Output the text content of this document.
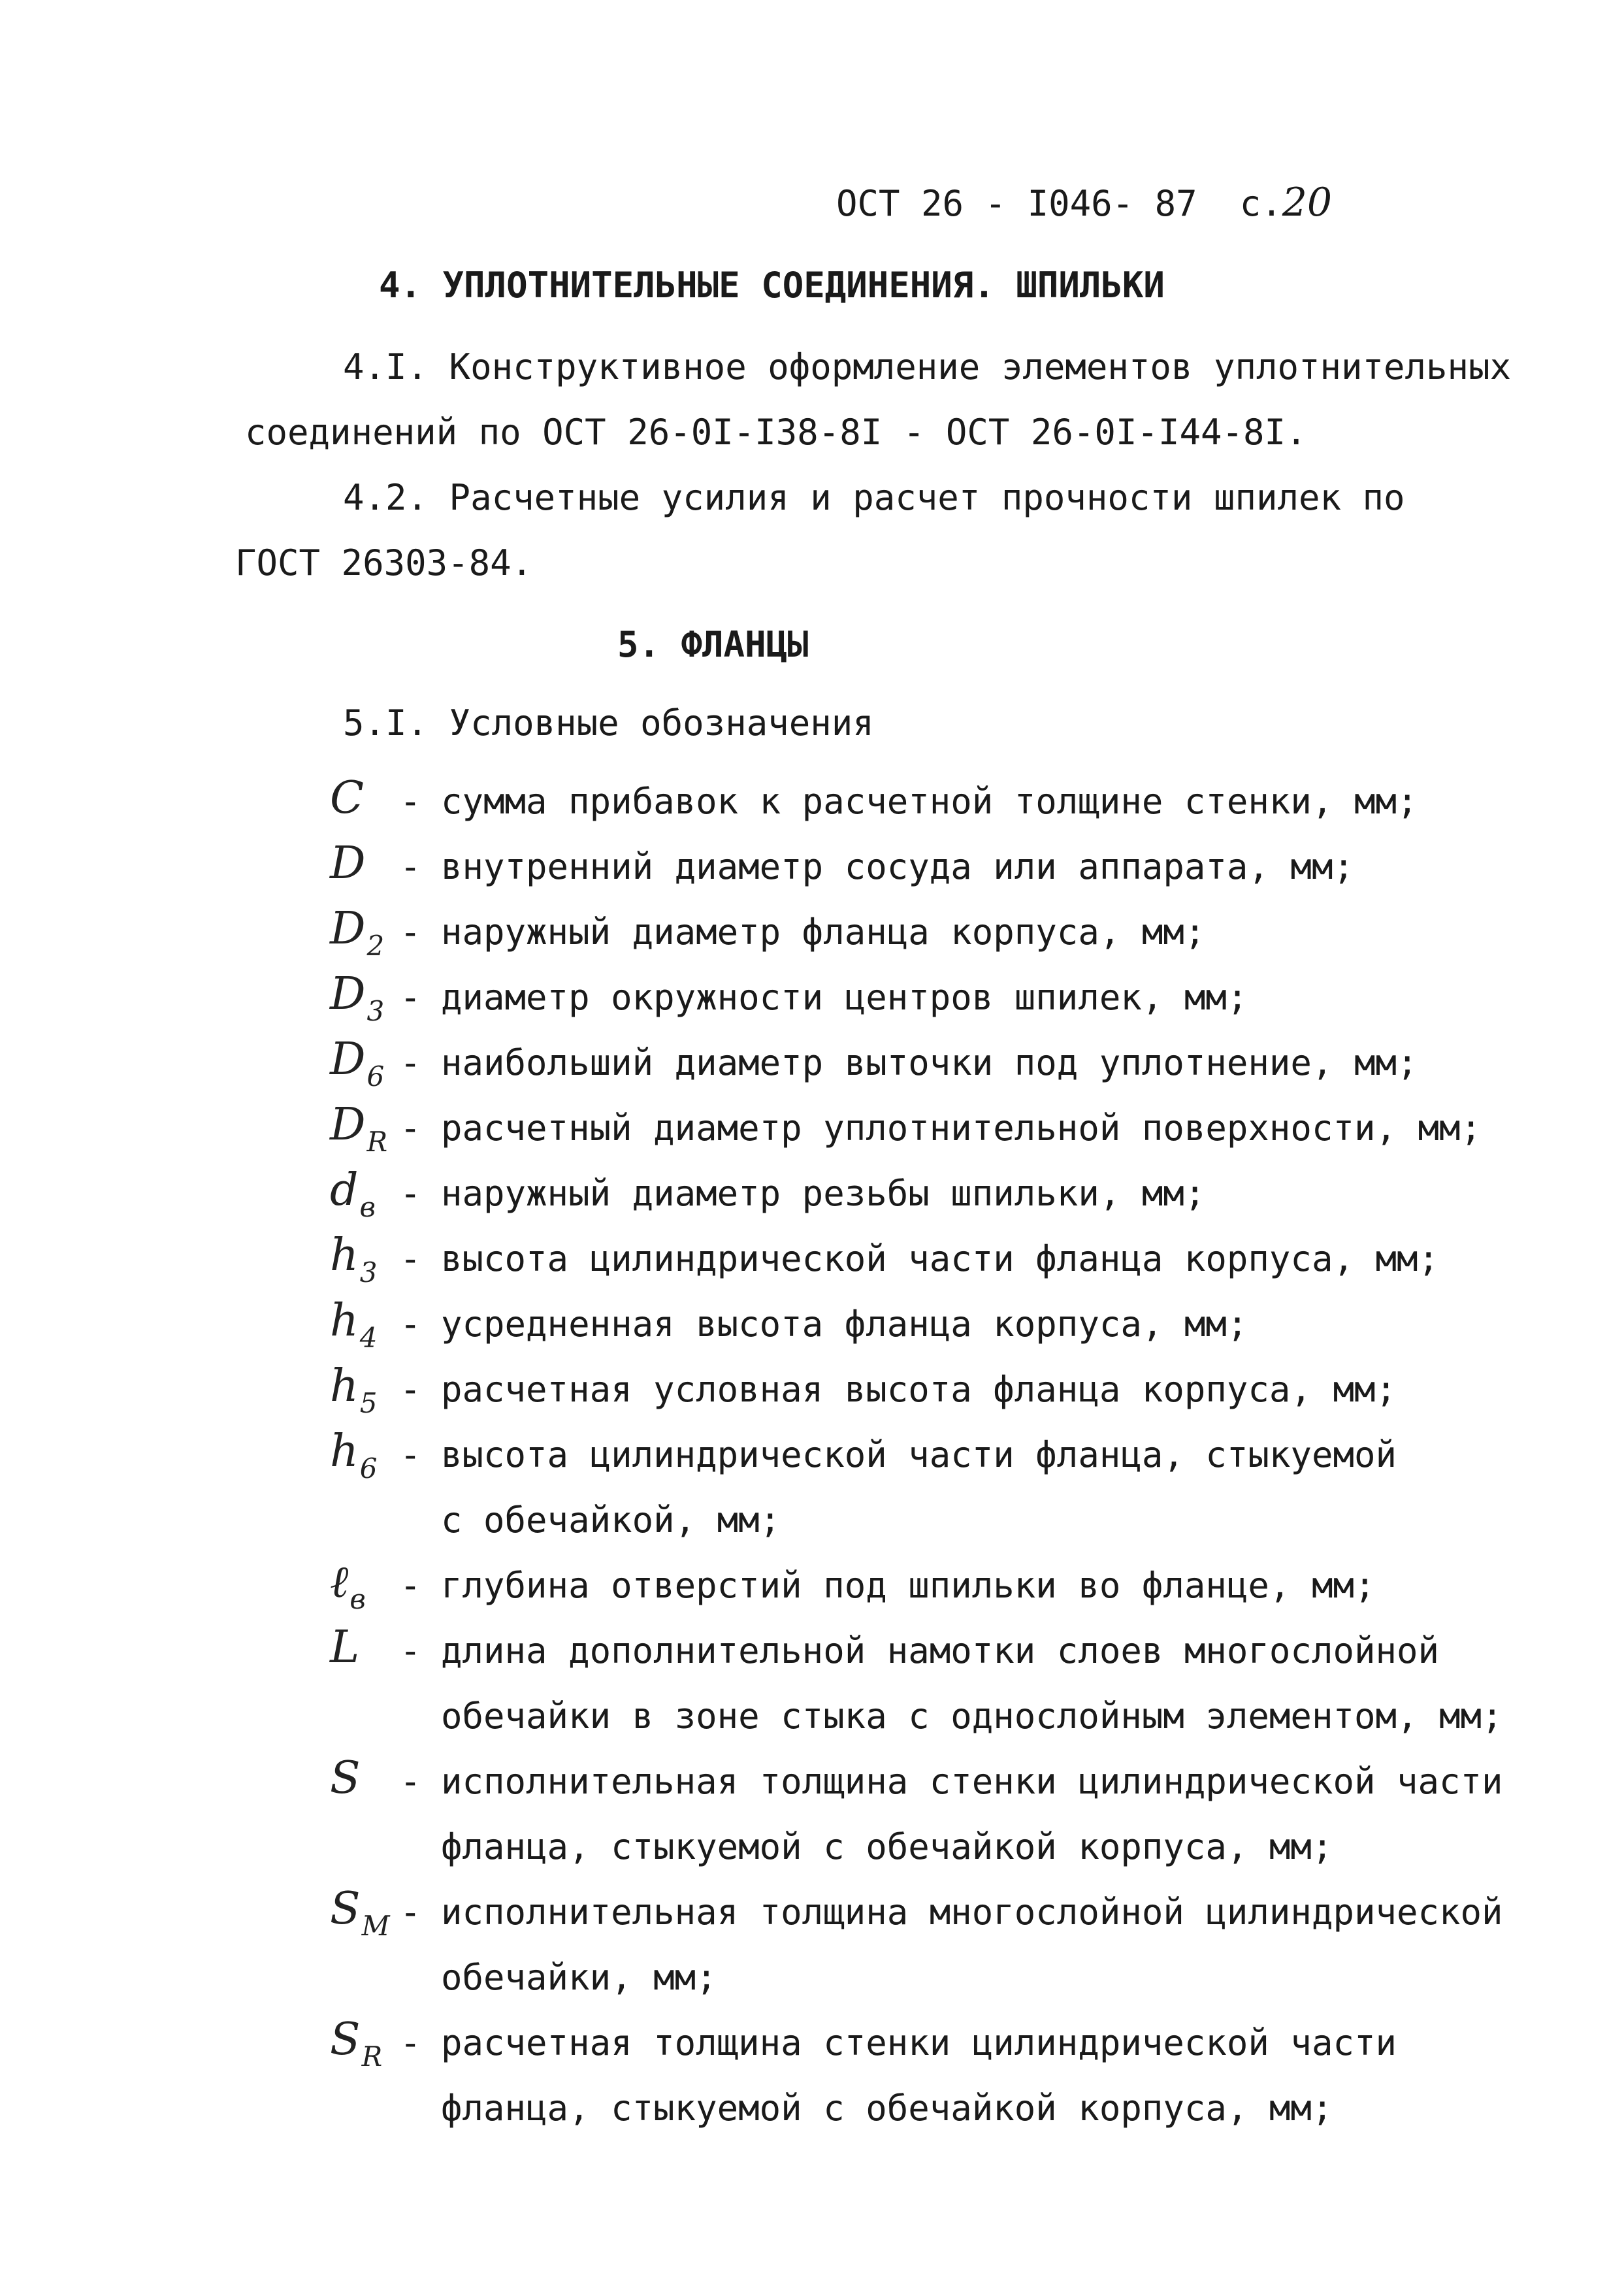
ОСТ 26 - I046- 87 с.20
4. УПЛОТНИТЕЛЬНЫЕ СОЕДИНЕНИЯ. ШПИЛЬКИ
4.I. Конструктивное оформление элементов уплотнительных
соединений по ОСТ 26-0I-I38-8I - ОСТ 26-0I-I44-8I.
4.2. Расчетные усилия и расчет прочности шпилек по
ГОСТ 26303-84.
5. ФЛАНЦЫ
5.I. Условные обозначения
C - сумма прибавок к расчетной толщине стенки, мм;
D - внутренний диаметр сосуда или аппарата, мм;
$D_2$ - наружный диаметр фланца корпуса, мм;
$D_3$ - диаметр окружности центров шпилек, мм;
$D_6$ - наибольший диаметр выточки под уплотнение, мм;
$D_R$ - расчетный диаметр уплотнительной поверхности, мм;
$d_в$ - наружный диаметр резьбы шпильки, мм;
$h_3$ - высота цилиндрической части фланца корпуса, мм;
$h_4$ - усредненная высота фланца корпуса, мм;
$h_5$ - расчетная условная высота фланца корпуса, мм;
$h_6$ - высота цилиндрической части фланца, стыкуемой
с обечайкой, мм;
ℓ$_в$ - глубина отверстий под шпильки во фланце, мм;
L - длина дополнительной намотки слоев многослойной
обечайки в зоне стыка с однослойным элементом, мм;
S - исполнительная толщина стенки цилиндрической части
фланца, стыкуемой с обечайкой корпуса, мм;
$S_M$ - исполнительная толщина многослойной цилиндрической
обечайки, мм;
$S_R$ - расчетная толщина стенки цилиндрической части
фланца, стыкуемой с обечайкой корпуса, мм;
